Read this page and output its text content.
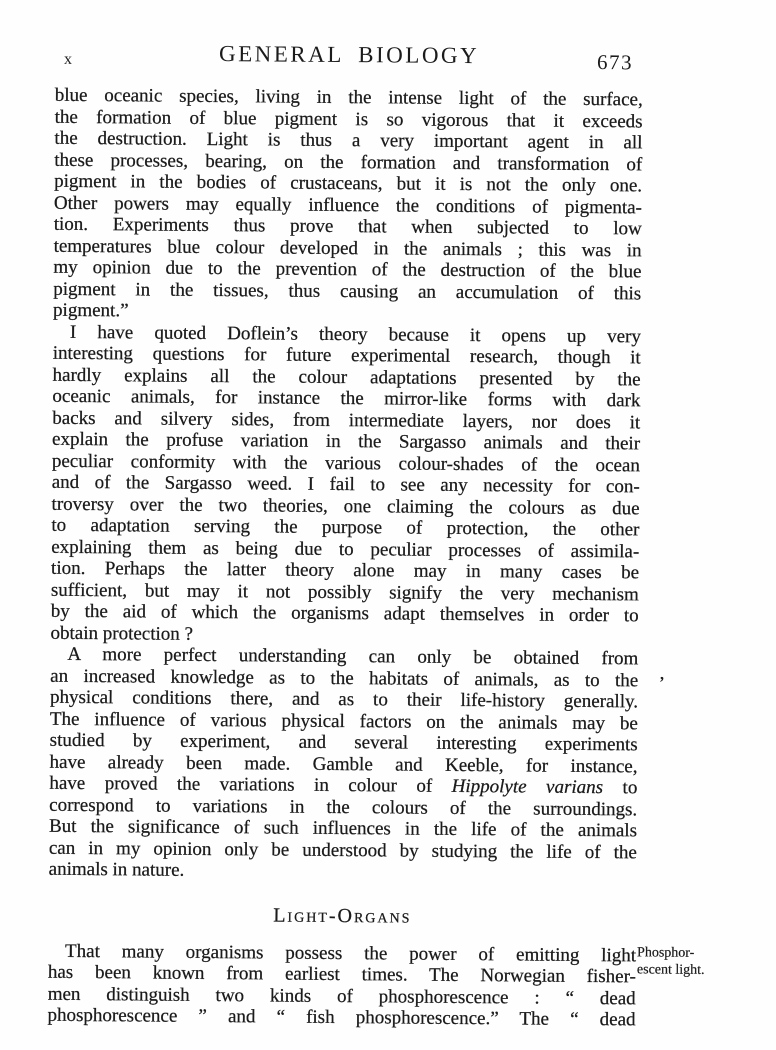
x	GENERAL BIOLOGY	673
blue oceanic species, living in the intense light of the surface,
the formation of blue pigment is so vigorous that it exceeds
the destruction. Light is thus a very important agent in all
these processes, bearing, on the formation and transformation of
pigment in the bodies of crustaceans, but it is not the only one.
Other powers may equally influence the conditions of pigmenta-
tion. Experiments thus prove that when subjected to low
temperatures blue colour developed in the animals ; this was in
my opinion due to the prevention of the destruction of the blue
pigment in the tissues, thus causing an accumulation of this
pigment.”
I have quoted Doflein’s theory because it opens up very
interesting questions for future experimental research, though it
hardly explains all the colour adaptations presented by the
oceanic animals, for instance the mirror-like forms with dark
backs and silvery sides, from intermediate layers, nor does it
explain the profuse variation in the Sargasso animals and their
peculiar conformity with the various colour-shades of the ocean
and of the Sargasso weed. I fail to see any necessity for con-
troversy over the two theories, one claiming the colours as due
to adaptation serving the purpose of protection, the other
explaining them as being due to peculiar processes of assimila-
tion. Perhaps the latter theory alone may in many cases be
sufficient, but may it not possibly signify the very mechanism
by the aid of which the organisms adapt themselves in order to
obtain protection ?
A more perfect understanding can only be obtained from
an increased knowledge as to the habitats of animals, as to the
physical conditions there, and as to their life-history generally.
The influence of various physical factors on the animals may be
studied by experiment, and several interesting experiments
have already been made. Gamble and Keeble, for instance,
have proved the variations in colour of Hippolyte varians to
correspond to variations in the colours of the surroundings.
But the significance of such influences in the life of the animals
can in my opinion only be understood by studying the life of the
animals in nature.
Light-Organs
That many organisms possess the power of emitting light
has been known from earliest times. The Norwegian fisher-
men distinguish two kinds of phosphorescence : “ dead
phosphorescence ” and “ fish phosphorescence.” The “ dead
Phosphor-
escent light.
’
